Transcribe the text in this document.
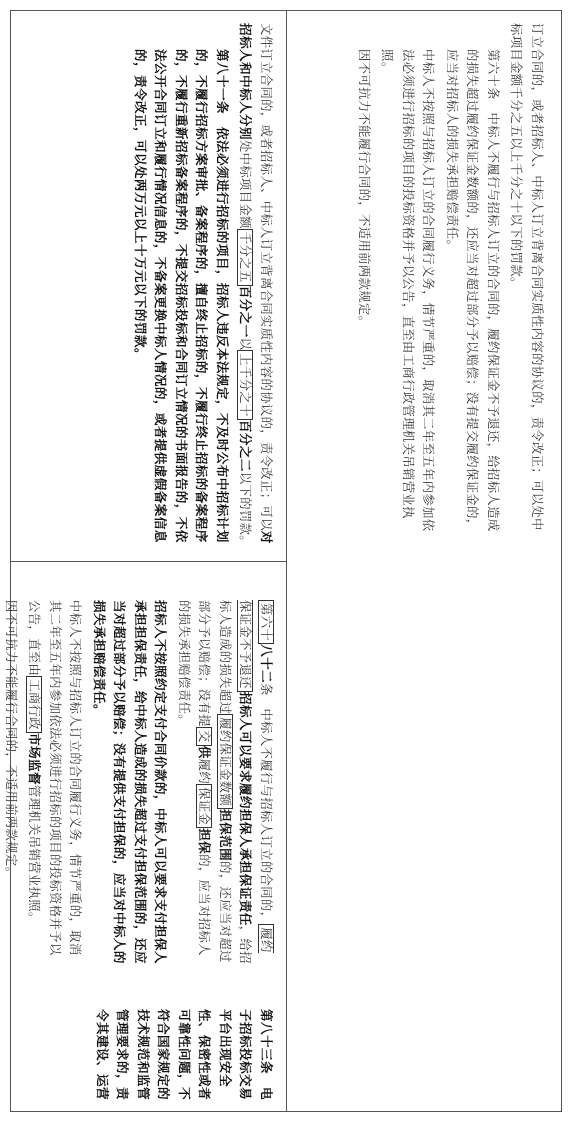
订立合同的，或者招标人、中标人订立背离合同实质性内容的协议的，责令改正；可以处中标项目金额千分之五以上千分之十以下的罚款。

第六十条　中标人不履行与招标人订立的合同的，履约保证金不予退还，给招标人造成的损失超过履约保证金数额的，还应当对超过部分予以赔偿；没有提交履约保证金的，应当对招标人的损失承担赔偿责任。

中标人不按照与招标人订立的合同履行义务，情节严重的，取消其二年至五年内参加依法必须进行招标的项目的投标资格并予以公告，直至由工商行政管理机关吊销营业执照。

因不可抗力不能履行合同的，不适用前两款规定。

文件订立合同的，或者招标人、中标人订立背离合同实质性内容的协议的，责令改正；可以对招标人和中标人分别处中标项目金额千分之五百分之一以上千分之十百分之二以下的罚款。

第八十一条　依法必须进行招标的项目，招标人违反本法规定，不及时公布中招标计划的，不履行招标方案审批、备案程序的，擅自终止招标的，不履行终止招标的备案程序的，不履行重新招标备案程序的，不提交招标投标和合同订立情况的书面报告的，不依法公开合同订立和履行情况信息的，不备案更换中标人情况的，或者提供虚假备案信息的，责令改正，可以处两万元以上十万元以下的罚款。

第六十八十二条　中标人不履行与招标人订立的合同的，履约保证金不予退还招标人可以要求履约担保人承担保证责任，给招标人造成的损失超过履约保证金数额担保范围的，还应当对超过部分予以赔偿；没有提交供履约保证金担保的，应当对招标人的损失承担赔偿责任。

招标人不按照约定支付合同价款的，中标人可以要求支付担保人承担担保责任，给中标人造成的损失超过支付担保范围的，还应当对超过部分予以赔偿；没有提供支付担保的，应当对中标人的损失承担赔偿责任。

中标人不按照与招标人订立的合同履行义务，情节严重的，取消其二年至五年内参加依法必须进行招标的项目的投标资格并予以公告，直至由工商行政市场监督管理机关吊销营业执照。

因不可抗力不能履行合同的，不适用前两款规定。

第八十三条　电子招标投标交易平台出现安全性、保密性或者可靠性问题，不符合国家规定的技术规范和监管管理要求的，责令其建设、运营
